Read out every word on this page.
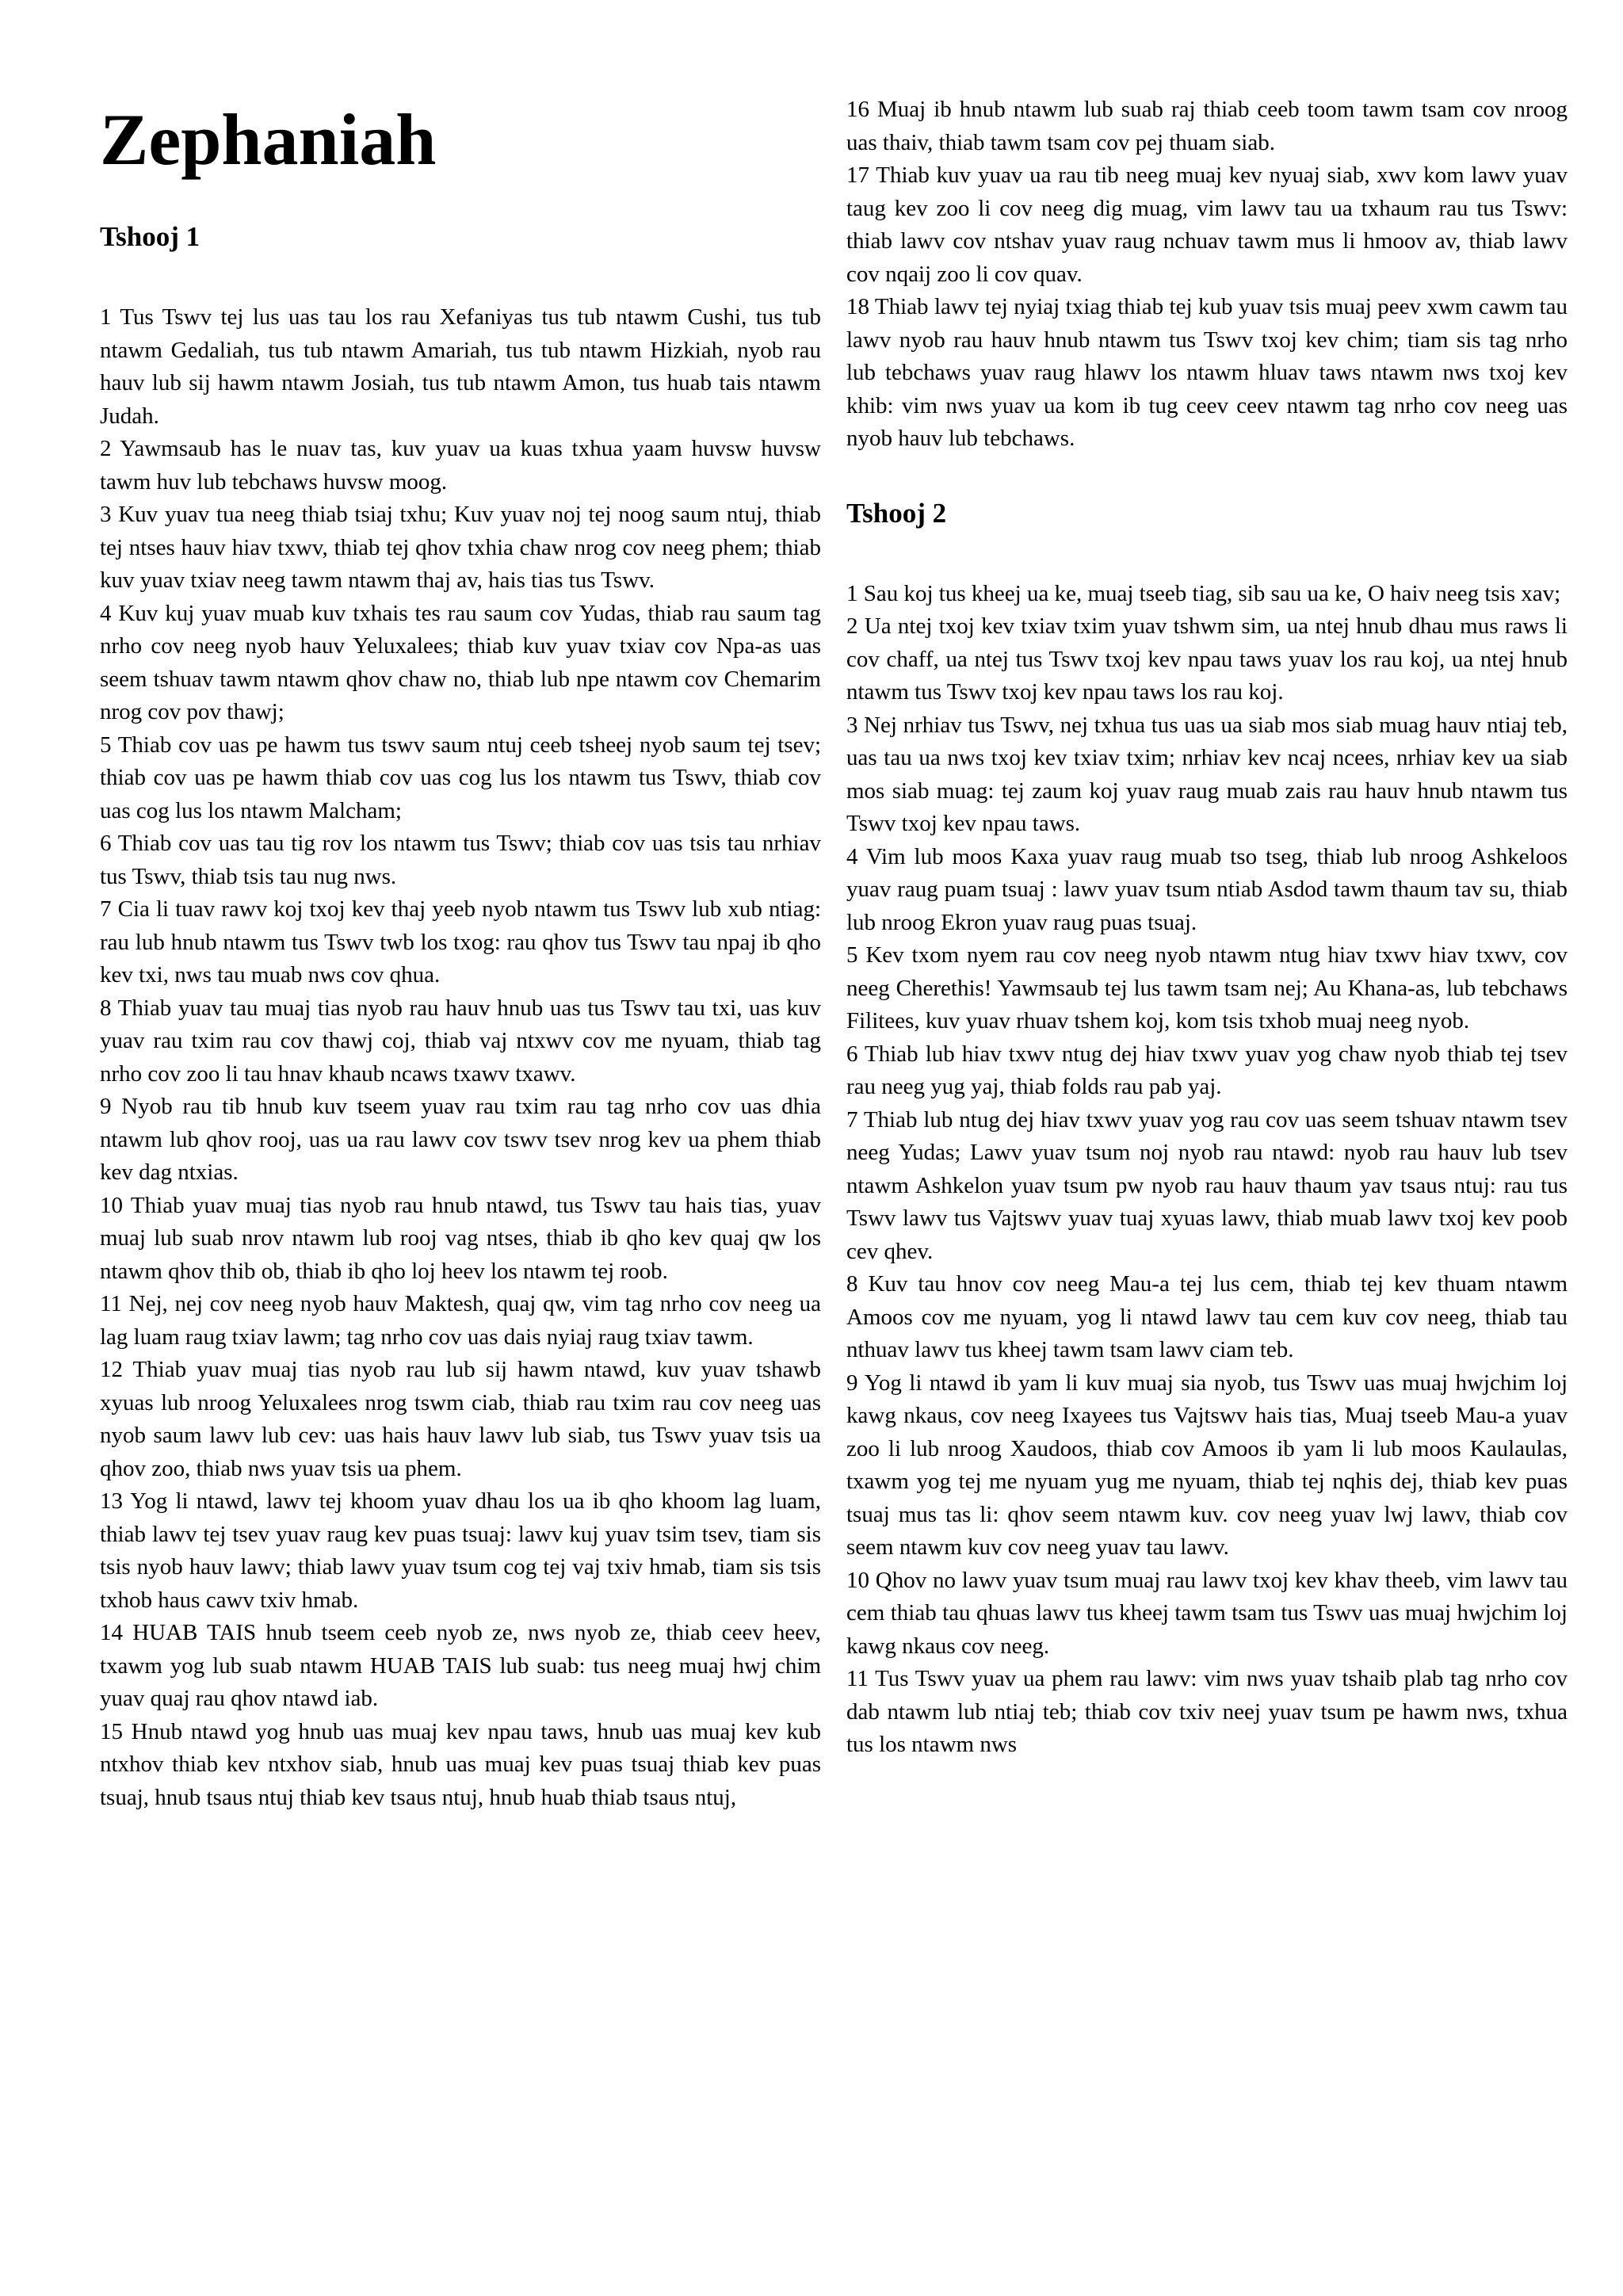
Zephaniah
Tshooj 1

1 Tus Tswv tej lus uas tau los rau Xefaniyas tus tub ntawm Cushi, tus tub ntawm Gedaliah, tus tub ntawm Amariah, tus tub ntawm Hizkiah, nyob rau hauv lub sij hawm ntawm Josiah, tus tub ntawm Amon, tus huab tais ntawm Judah.

2 Yawmsaub has le nuav tas, kuv yuav ua kuas txhua yaam huvsw huvsw tawm huv lub tebchaws huvsw moog.

3 Kuv yuav tua neeg thiab tsiaj txhu; Kuv yuav noj tej noog saum ntuj, thiab tej ntses hauv hiav txwv, thiab tej qhov txhia chaw nrog cov neeg phem; thiab kuv yuav txiav neeg tawm ntawm thaj av, hais tias tus Tswv.

4 Kuv kuj yuav muab kuv txhais tes rau saum cov Yudas, thiab rau saum tag nrho cov neeg nyob hauv Yeluxalees; thiab kuv yuav txiav cov Npa-as uas seem tshuav tawm ntawm qhov chaw no, thiab lub npe ntawm cov Chemarim nrog cov pov thawj;

5 Thiab cov uas pe hawm tus tswv saum ntuj ceeb tsheej nyob saum tej tsev; thiab cov uas pe hawm thiab cov uas cog lus los ntawm tus Tswv, thiab cov uas cog lus los ntawm Malcham;

6 Thiab cov uas tau tig rov los ntawm tus Tswv; thiab cov uas tsis tau nrhiav tus Tswv, thiab tsis tau nug nws.

7 Cia li tuav rawv koj txoj kev thaj yeeb nyob ntawm tus Tswv lub xub ntiag: rau lub hnub ntawm tus Tswv twb los txog: rau qhov tus Tswv tau npaj ib qho kev txi, nws tau muab nws cov qhua.

8 Thiab yuav tau muaj tias nyob rau hauv hnub uas tus Tswv tau txi, uas kuv yuav rau txim rau cov thawj coj, thiab vaj ntxwv cov me nyuam, thiab tag nrho cov zoo li tau hnav khaub ncaws txawv txawv.

9 Nyob rau tib hnub kuv tseem yuav rau txim rau tag nrho cov uas dhia ntawm lub qhov rooj, uas ua rau lawv cov tswv tsev nrog kev ua phem thiab kev dag ntxias.

10 Thiab yuav muaj tias nyob rau hnub ntawd, tus Tswv tau hais tias, yuav muaj lub suab nrov ntawm lub rooj vag ntses, thiab ib qho kev quaj qw los ntawm qhov thib ob, thiab ib qho loj heev los ntawm tej roob.

11 Nej, nej cov neeg nyob hauv Maktesh, quaj qw, vim tag nrho cov neeg ua lag luam raug txiav lawm; tag nrho cov uas dais nyiaj raug txiav tawm.

12 Thiab yuav muaj tias nyob rau lub sij hawm ntawd, kuv yuav tshawb xyuas lub nroog Yeluxalees nrog tswm ciab, thiab rau txim rau cov neeg uas nyob saum lawv lub cev: uas hais hauv lawv lub siab, tus Tswv yuav tsis ua qhov zoo, thiab nws yuav tsis ua phem.

13 Yog li ntawd, lawv tej khoom yuav dhau los ua ib qho khoom lag luam, thiab lawv tej tsev yuav raug kev puas tsuaj: lawv kuj yuav tsim tsev, tiam sis tsis nyob hauv lawv; thiab lawv yuav tsum cog tej vaj txiv hmab, tiam sis tsis txhob haus cawv txiv hmab.

14 HUAB TAIS hnub tseem ceeb nyob ze, nws nyob ze, thiab ceev heev, txawm yog lub suab ntawm HUAB TAIS lub suab: tus neeg muaj hwj chim yuav quaj rau qhov ntawd iab.

15 Hnub ntawd yog hnub uas muaj kev npau taws, hnub uas muaj kev kub ntxhov thiab kev ntxhov siab, hnub uas muaj kev puas tsuaj thiab kev puas tsuaj, hnub tsaus ntuj thiab kev tsaus ntuj, hnub huab thiab tsaus ntuj,

16 Muaj ib hnub ntawm lub suab raj thiab ceeb toom tawm tsam cov nroog uas thaiv, thiab tawm tsam cov pej thuam siab.

17 Thiab kuv yuav ua rau tib neeg muaj kev nyuaj siab, xwv kom lawv yuav taug kev zoo li cov neeg dig muag, vim lawv tau ua txhaum rau tus Tswv: thiab lawv cov ntshav yuav raug nchuav tawm mus li hmoov av, thiab lawv cov nqaij zoo li cov quav.

18 Thiab lawv tej nyiaj txiag thiab tej kub yuav tsis muaj peev xwm cawm tau lawv nyob rau hauv hnub ntawm tus Tswv txoj kev chim; tiam sis tag nrho lub tebchaws yuav raug hlawv los ntawm hluav taws ntawm nws txoj kev khib: vim nws yuav ua kom ib tug ceev ceev ntawm tag nrho cov neeg uas nyob hauv lub tebchaws.

Tshooj 2

1 Sau koj tus kheej ua ke, muaj tseeb tiag, sib sau ua ke, O haiv neeg tsis xav;

2 Ua ntej txoj kev txiav txim yuav tshwm sim, ua ntej hnub dhau mus raws li cov chaff, ua ntej tus Tswv txoj kev npau taws yuav los rau koj, ua ntej hnub ntawm tus Tswv txoj kev npau taws los rau koj.

3 Nej nrhiav tus Tswv, nej txhua tus uas ua siab mos siab muag hauv ntiaj teb, uas tau ua nws txoj kev txiav txim; nrhiav kev ncaj ncees, nrhiav kev ua siab mos siab muag: tej zaum koj yuav raug muab zais rau hauv hnub ntawm tus Tswv txoj kev npau taws.

4 Vim lub moos Kaxa yuav raug muab tso tseg, thiab lub nroog Ashkeloos yuav raug puam tsuaj : lawv yuav tsum ntiab Asdod tawm thaum tav su, thiab lub nroog Ekron yuav raug puas tsuaj.

5 Kev txom nyem rau cov neeg nyob ntawm ntug hiav txwv hiav txwv, cov neeg Cherethis! Yawmsaub tej lus tawm tsam nej; Au Khana-as, lub tebchaws Filitees, kuv yuav rhuav tshem koj, kom tsis txhob muaj neeg nyob.

6 Thiab lub hiav txwv ntug dej hiav txwv yuav yog chaw nyob thiab tej tsev rau neeg yug yaj, thiab folds rau pab yaj.

7 Thiab lub ntug dej hiav txwv yuav yog rau cov uas seem tshuav ntawm tsev neeg Yudas; Lawv yuav tsum noj nyob rau ntawd: nyob rau hauv lub tsev ntawm Ashkelon yuav tsum pw nyob rau hauv thaum yav tsaus ntuj: rau tus Tswv lawv tus Vajtswv yuav tuaj xyuas lawv, thiab muab lawv txoj kev poob cev qhev.

8 Kuv tau hnov cov neeg Mau-a tej lus cem, thiab tej kev thuam ntawm Amoos cov me nyuam, yog li ntawd lawv tau cem kuv cov neeg, thiab tau nthuav lawv tus kheej tawm tsam lawv ciam teb.

9 Yog li ntawd ib yam li kuv muaj sia nyob, tus Tswv uas muaj hwjchim loj kawg nkaus, cov neeg Ixayees tus Vajtswv hais tias, Muaj tseeb Mau-a yuav zoo li lub nroog Xaudoos, thiab cov Amoos ib yam li lub moos Kaulaulas, txawm yog tej me nyuam yug me nyuam, thiab tej nqhis dej, thiab kev puas tsuaj mus tas li: qhov seem ntawm kuv. cov neeg yuav lwj lawv, thiab cov seem ntawm kuv cov neeg yuav tau lawv.

10 Qhov no lawv yuav tsum muaj rau lawv txoj kev khav theeb, vim lawv tau cem thiab tau qhuas lawv tus kheej tawm tsam tus Tswv uas muaj hwjchim loj kawg nkaus cov neeg.

11 Tus Tswv yuav ua phem rau lawv: vim nws yuav tshaib plab tag nrho cov dab ntawm lub ntiaj teb; thiab cov txiv neej yuav tsum pe hawm nws, txhua tus los ntawm nws
